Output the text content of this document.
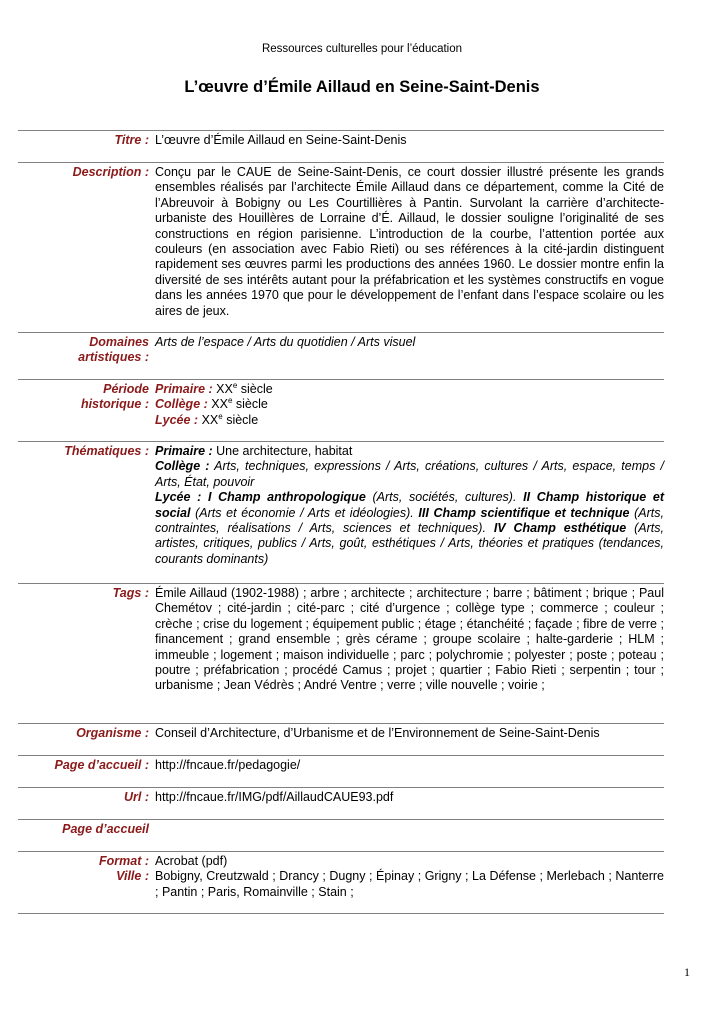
Ressources culturelles pour l’éducation
L’œuvre d’Émile Aillaud en Seine-Saint-Denis
Titre : L’œuvre d’Émile Aillaud en Seine-Saint-Denis
Description : Conçu par le CAUE de Seine-Saint-Denis, ce court dossier illustré présente les grands ensembles réalisés par l’architecte Émile Aillaud dans ce département, comme la Cité de l’Abreuvoir à Bobigny ou Les Courtillières à Pantin. Survolant la carrière d’architecte-urbaniste des Houillères de Lorraine d’É. Aillaud, le dossier souligne l’originalité de ses constructions en région parisienne. L’introduction de la courbe, l’attention portée aux couleurs (en association avec Fabio Rieti) ou ses références à la cité-jardin distinguent rapidement ses œuvres parmi les productions des années 1960. Le dossier montre enfin la diversité de ses intérêts autant pour la préfabrication et les systèmes constructifs en vogue dans les années 1970 que pour le développement de l’enfant dans l’espace scolaire ou les aires de jeux.
Domaines
artistiques :
Arts de l’espace / Arts du quotidien / Arts visuel
Période
historique :
Primaire : XXe siècle
Collège : XXe siècle
Lycée : XXe siècle
Thématiques : Primaire : Une architecture, habitat
Collège : Arts, techniques, expressions / Arts, créations, cultures / Arts, espace, temps / Arts, État, pouvoir
Lycée : I Champ anthropologique (Arts, sociétés, cultures). II Champ historique et social (Arts et économie / Arts et idéologies). III Champ scientifique et technique (Arts, contraintes, réalisations / Arts, sciences et techniques). IV Champ esthétique (Arts, artistes, critiques, publics / Arts, goût, esthétiques / Arts, théories et pratiques (tendances, courants dominants)
Tags : Émile Aillaud (1902-1988) ; arbre ; architecte ; architecture ; barre ; bâtiment ; brique ; Paul Chemétov ; cité-jardin ; cité-parc ; cité d’urgence ; collège type ; commerce ; couleur ; crèche ; crise du logement ; équipement public ; étage ; étanchéité ; façade ; fibre de verre ; financement ; grand ensemble ; grès cérame ; groupe scolaire ; halte-garderie ; HLM ; immeuble ; logement ; maison individuelle ; parc ; polychromie ; polyester ; poste ; poteau ; poutre ; préfabrication ; procédé Camus ; projet ; quartier ; Fabio Rieti ; serpentin ; tour ; urbanisme ; Jean Védrès ; André Ventre ; verre ; ville nouvelle ; voirie ;
Organisme : Conseil d’Architecture, d’Urbanisme et de l’Environnement de Seine-Saint-Denis
Page d’accueil : http://fncaue.fr/pedagogie/
Url : http://fncaue.fr/IMG/pdf/AillaudCAUE93.pdf
Page d’accueil
Format : Acrobat (pdf)
Ville : Bobigny, Creutzwald ; Drancy ; Dugny ; Épinay ; Grigny ; La Défense ; Merlebach ; Nanterre ; Pantin ; Paris, Romainville ; Stain ;
1
